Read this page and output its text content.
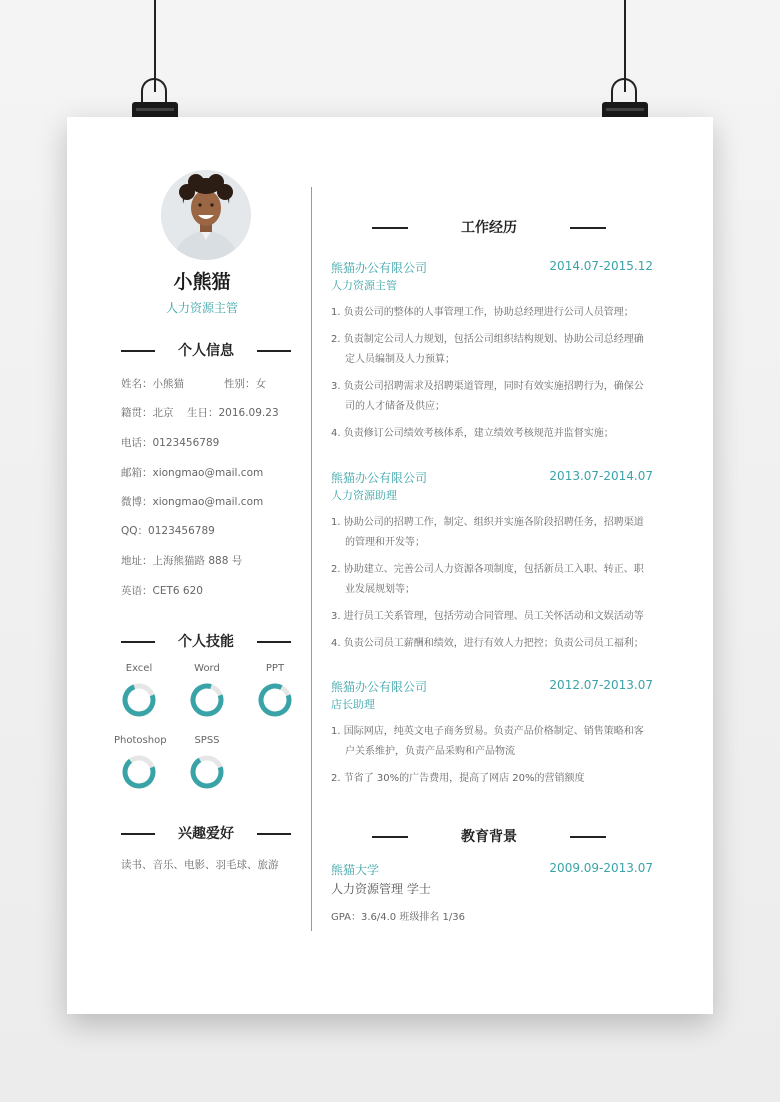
小熊猫
人力资源主管
个人信息
姓名：小熊猫	性别：女
籍贯：北京 生日：2016.09.23
电话：0123456789
邮箱：xiongmao@mail.com
微博：xiongmao@mail.com
QQ：0123456789
地址：上海熊猫路 888 号
英语：CET6 620
个人技能
Excel	Word	PPT
Photoshop	SPSS
兴趣爱好
读书、音乐、电影、羽毛球、旅游
工作经历
熊猫办公有限公司	2014.07-2015.12
人力资源主管
1. 负责公司的整体的人事管理工作，协助总经理进行公司人员管理；
2. 负责制定公司人力规划，包括公司组织结构规划、协助公司总经理确定人员编制及人力预算；
3. 负责公司招聘需求及招聘渠道管理，同时有效实施招聘行为，确保公司的人才储备及供应；
4. 负责修订公司绩效考核体系，建立绩效考核规范并监督实施；
熊猫办公有限公司	2013.07-2014.07
人力资源助理
1. 协助公司的招聘工作，制定、组织并实施各阶段招聘任务，招聘渠道的管理和开发等；
2. 协助建立、完善公司人力资源各项制度，包括新员工入职、转正、职业发展规划等；
3. 进行员工关系管理，包括劳动合同管理、员工关怀活动和文娱活动等
4. 负责公司员工薪酬和绩效，进行有效人力把控；负责公司员工福利；
熊猫办公有限公司	2012.07-2013.07
店长助理
1. 国际网店，纯英文电子商务贸易。负责产品价格制定、销售策略和客户关系维护，负责产品采购和产品物流
2. 节省了 30%的广告费用，提高了网店 20%的营销额度
教育背景
熊猫大学	2009.09-2013.07
人力资源管理 学士
GPA：3.6/4.0 班级排名 1/36
